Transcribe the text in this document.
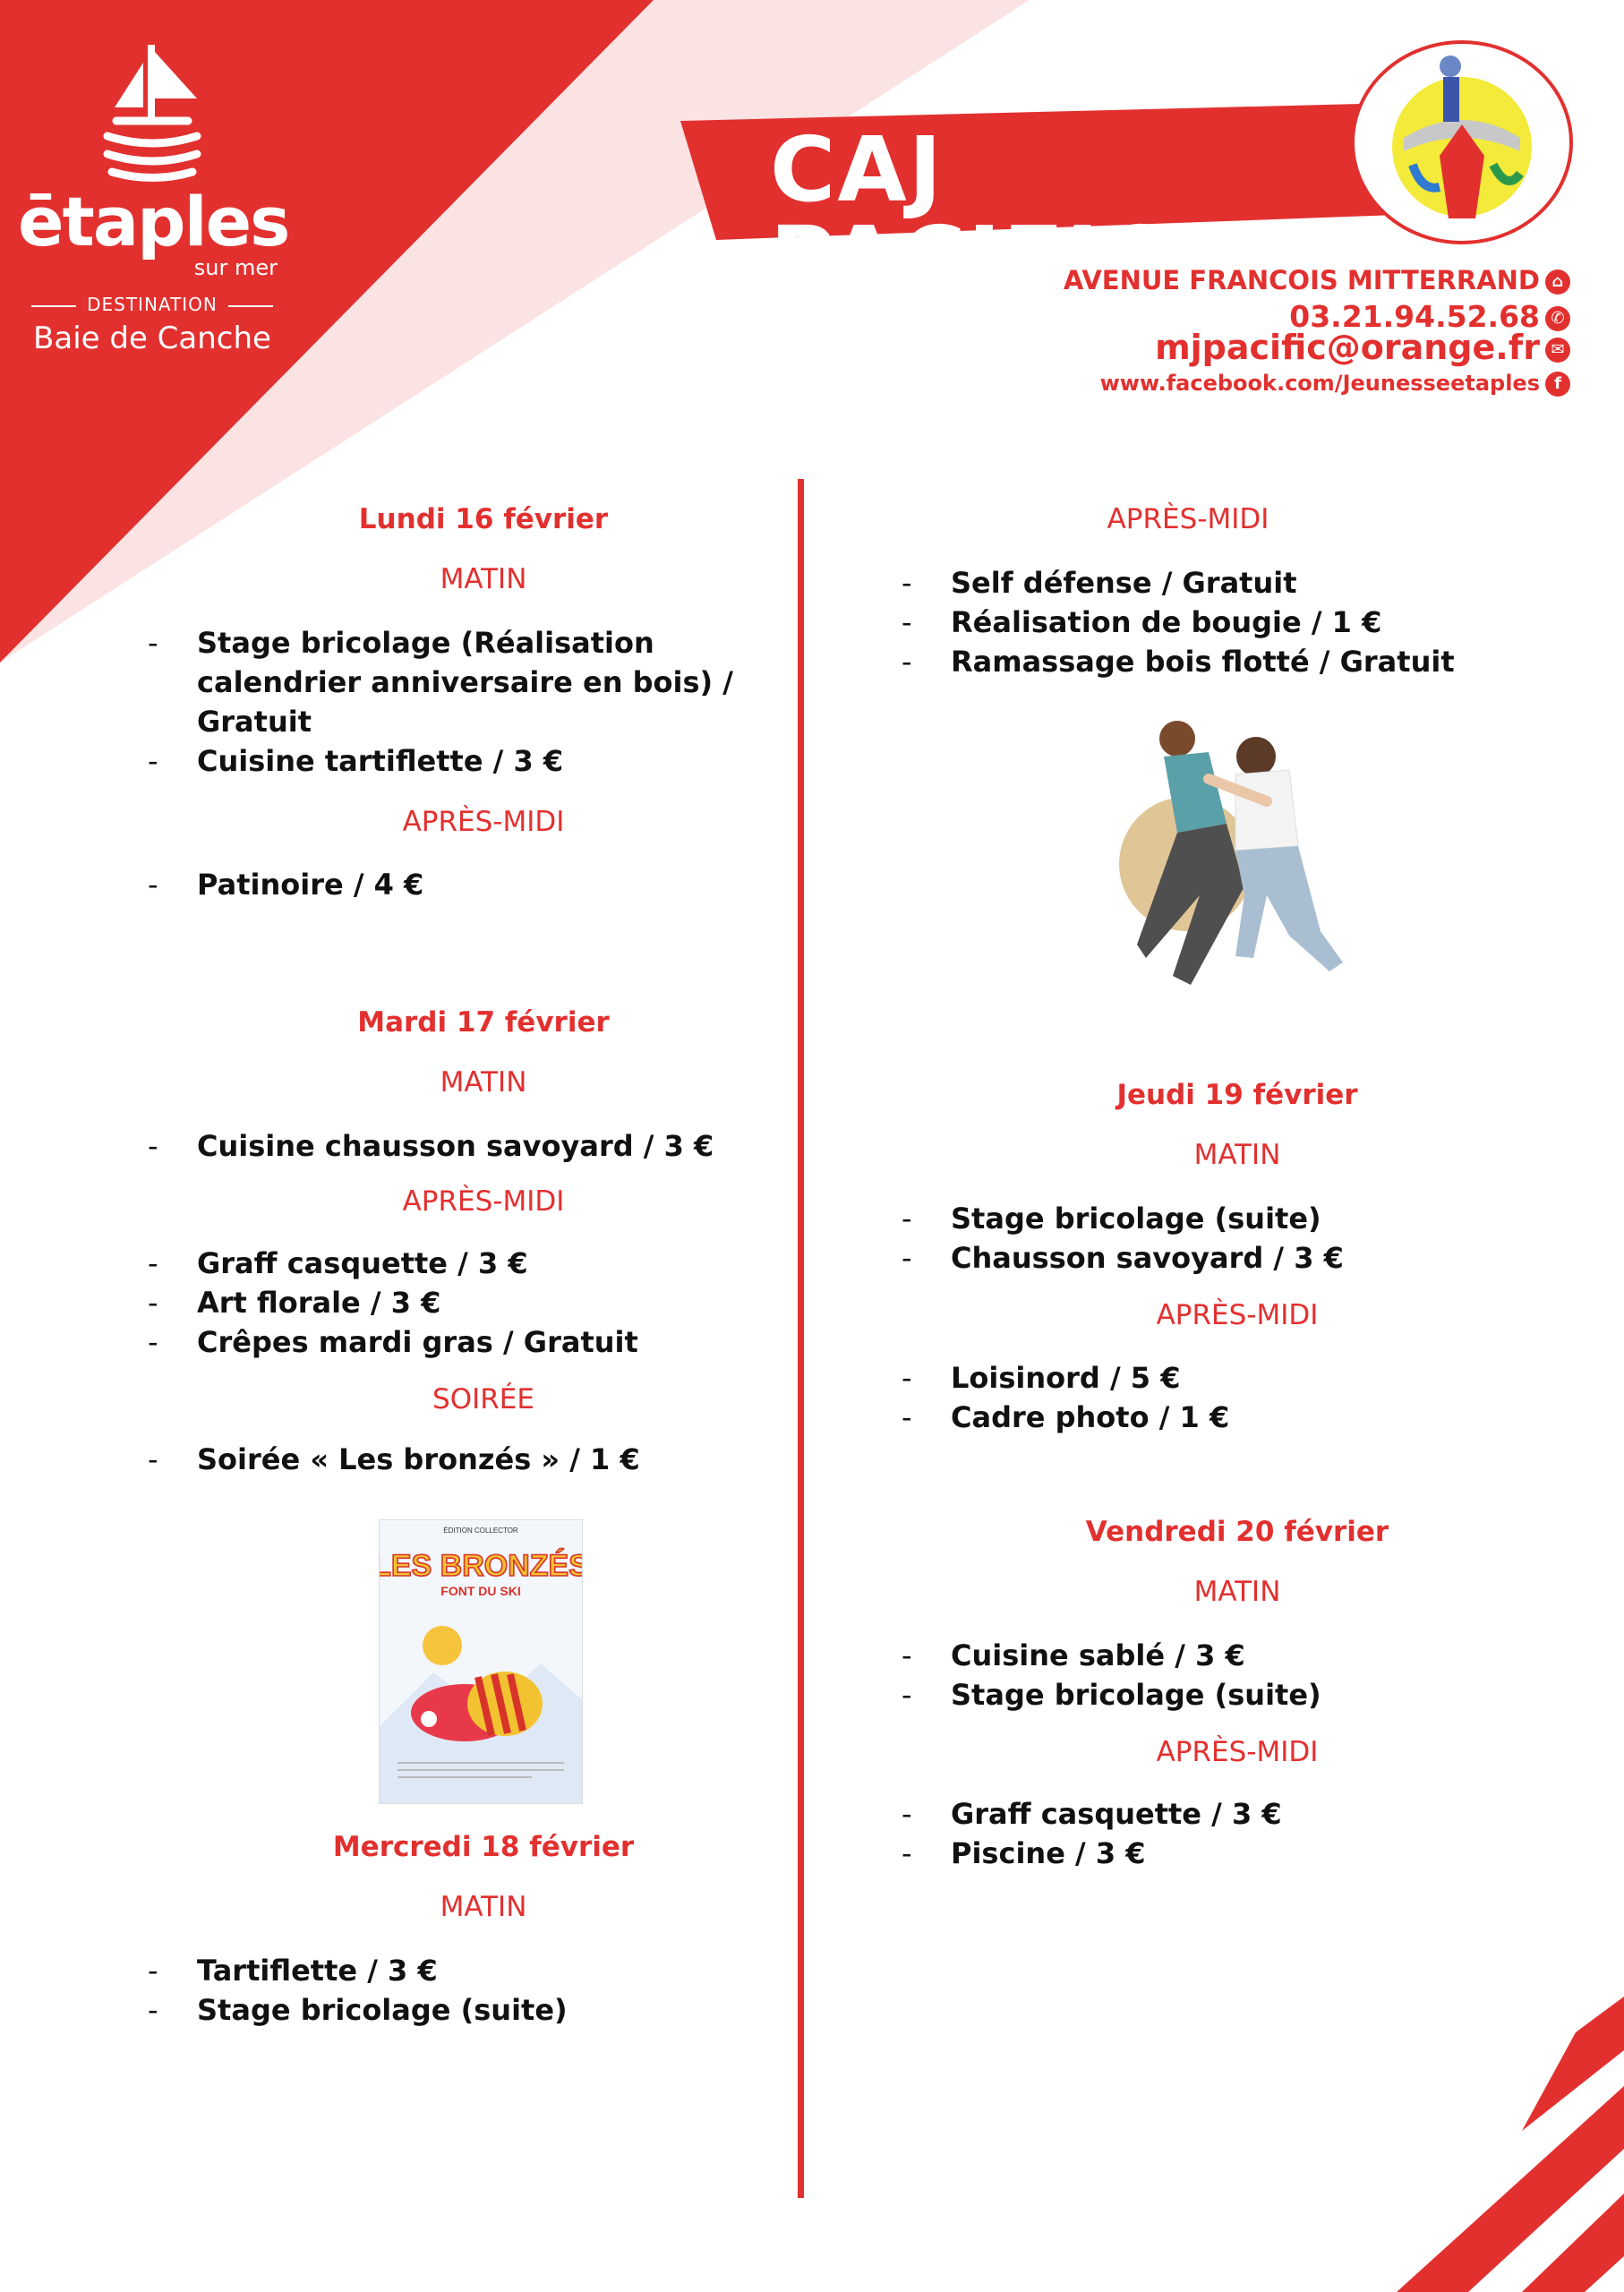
ētaples
sur mer
DESTINATION
Baie de Canche
CAJ PACIFIC
AVENUE FRANCOIS MITTERRAND ⌂
03.21.94.52.68 ✆
mjpacific@orange.fr ✉
www.facebook.com/Jeunesseetaples f

Lundi 16 février

MATIN

- Stage bricolage (Réalisation calendrier anniversaire en bois) / Gratuit
- Cuisine tartiflette / 3 €

APRÈS-MIDI

- Patinoire / 4 €

Mardi 17 février

MATIN

- Cuisine chausson savoyard / 3 €

APRÈS-MIDI

- Graff casquette / 3 €
- Art florale / 3 €
- Crêpes mardi gras / Gratuit

SOIRÉE

- Soirée « Les bronzés » / 1 €
ÉDITION COLLECTOR
LES BRONZÉS
FONT DU SKI

Mercredi 18 février

MATIN

- Tartiflette / 3 €
- Stage bricolage (suite)

APRÈS-MIDI

- Self défense / Gratuit
- Réalisation de bougie / 1 €
- Ramassage bois flotté / Gratuit

Jeudi 19 février

MATIN

- Stage bricolage (suite)
- Chausson savoyard / 3 €

APRÈS-MIDI

- Loisinord / 5 €
- Cadre photo / 1 €

Vendredi 20 février

MATIN

- Cuisine sablé / 3 €
- Stage bricolage (suite)

APRÈS-MIDI

- Graff casquette / 3 €
- Piscine / 3 €
